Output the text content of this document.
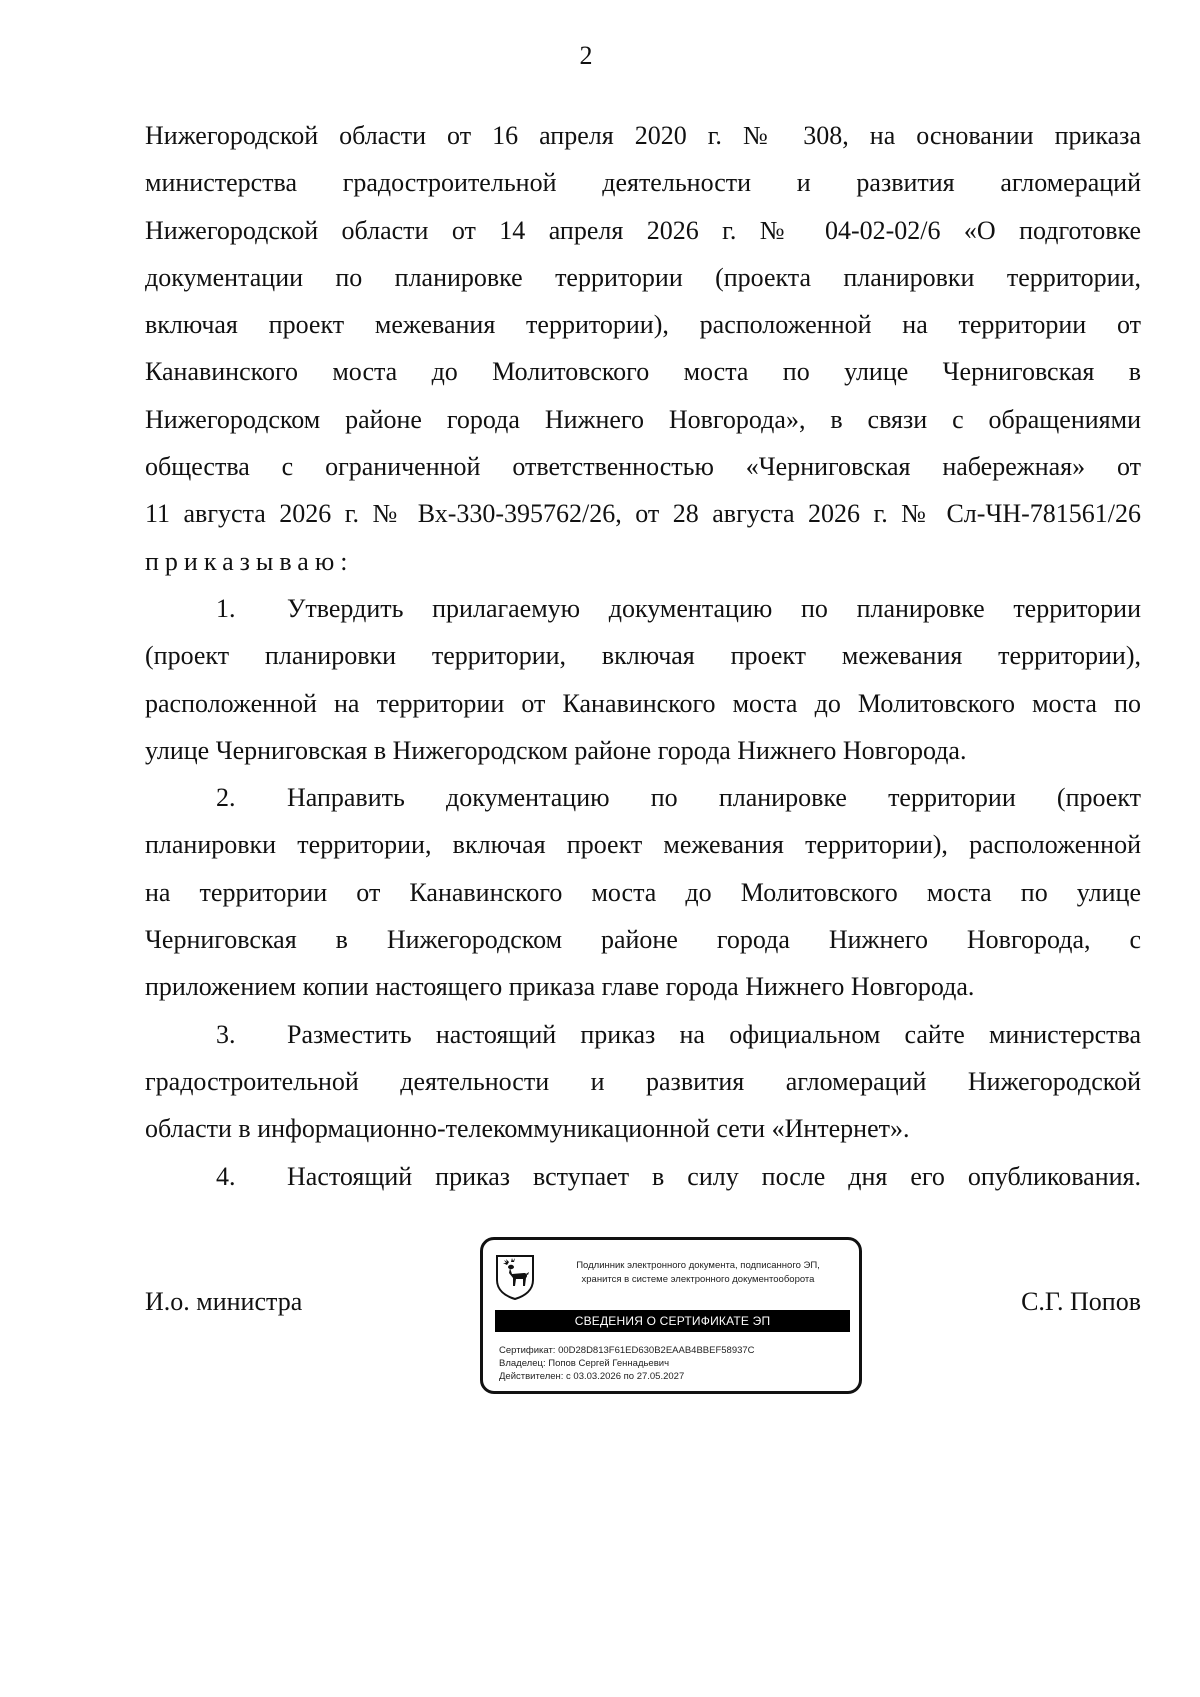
2
Нижегородской области от 16 апреля 2020 г. № 308, на основании приказа
министерства градостроительной деятельности и развития агломераций
Нижегородской области от 14 апреля 2026 г. № 04-02-02/6 «О подготовке
документации по планировке территории (проекта планировки территории,
включая проект межевания территории), расположенной на территории от
Канавинского моста до Молитовского моста по улице Черниговская в
Нижегородском районе города Нижнего Новгорода», в связи с обращениями
общества с ограниченной ответственностью «Черниговская набережная» от
11 августа 2026 г. № Вх-330-395762/26, от 28 августа 2026 г. № Сл-ЧН-781561/26
приказываю:
1. Утвердить прилагаемую документацию по планировке территории
(проект планировки территории, включая проект межевания территории),
расположенной на территории от Канавинского моста до Молитовского моста по
улице Черниговская в Нижегородском районе города Нижнего Новгорода.
2. Направить документацию по планировке территории (проект
планировки территории, включая проект межевания территории), расположенной
на территории от Канавинского моста до Молитовского моста по улице
Черниговская в Нижегородском районе города Нижнего Новгорода, с
приложением копии настоящего приказа главе города Нижнего Новгорода.
3. Разместить настоящий приказ на официальном сайте министерства
градостроительной деятельности и развития агломераций Нижегородской
области в информационно-телекоммуникационной сети «Интернет».
4. Настоящий приказ вступает в силу после дня его опубликования.
И.о. министра	С.Г. Попов
Подлинник электронного документа, подписанного ЭП,
хранится в системе электронного документооборота
СВЕДЕНИЯ О СЕРТИФИКАТЕ ЭП
Сертификат: 00D28D813F61ED630B2EAAB4BBEF58937C
Владелец: Попов Сергей Геннадьевич
Действителен: с 03.03.2026 по 27.05.2027
